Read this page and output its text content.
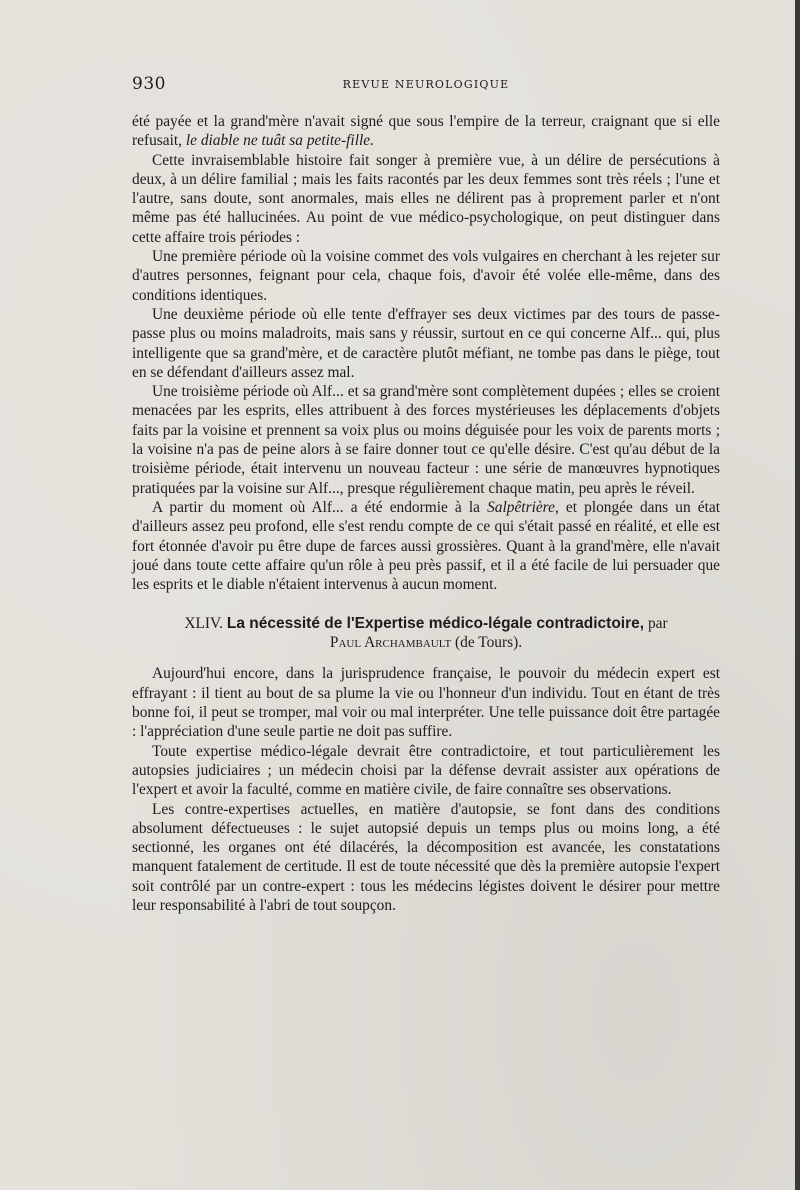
930	REVUE NEUROLOGIQUE

été payée et la grand'mère n'avait signé que sous l'empire de la terreur, craignant que si elle refusait, le diable ne tuât sa petite-fille.

Cette invraisemblable histoire fait songer à première vue, à un délire de persécutions à deux, à un délire familial ; mais les faits racontés par les deux femmes sont très réels ; l'une et l'autre, sans doute, sont anormales, mais elles ne délirent pas à proprement parler et n'ont même pas été hallucinées. Au point de vue médico-psychologique, on peut distinguer dans cette affaire trois périodes :

Une première période où la voisine commet des vols vulgaires en cherchant à les rejeter sur d'autres personnes, feignant pour cela, chaque fois, d'avoir été volée elle-même, dans des conditions identiques.

Une deuxième période où elle tente d'effrayer ses deux victimes par des tours de passe-passe plus ou moins maladroits, mais sans y réussir, surtout en ce qui concerne Alf... qui, plus intelligente que sa grand'mère, et de caractère plutôt méfiant, ne tombe pas dans le piège, tout en se défendant d'ailleurs assez mal.

Une troisième période où Alf... et sa grand'mère sont complètement dupées ; elles se croient menacées par les esprits, elles attribuent à des forces mystérieuses les déplacements d'objets faits par la voisine et prennent sa voix plus ou moins déguisée pour les voix de parents morts ; la voisine n'a pas de peine alors à se faire donner tout ce qu'elle désire. C'est qu'au début de la troisième période, était intervenu un nouveau facteur : une série de manœuvres hypnotiques pratiquées par la voisine sur Alf..., presque régulièrement chaque matin, peu après le réveil.

A partir du moment où Alf... a été endormie à la Salpêtrière, et plongée dans un état d'ailleurs assez peu profond, elle s'est rendu compte de ce qui s'était passé en réalité, et elle est fort étonnée d'avoir pu être dupe de farces aussi grossières. Quant à la grand'mère, elle n'avait joué dans toute cette affaire qu'un rôle à peu près passif, et il a été facile de lui persuader que les esprits et le diable n'étaient intervenus à aucun moment.

XLIV. La nécessité de l'Expertise médico-légale contradictoire, par
Paul Archambault (de Tours).

Aujourd'hui encore, dans la jurisprudence française, le pouvoir du médecin expert est effrayant : il tient au bout de sa plume la vie ou l'honneur d'un individu. Tout en étant de très bonne foi, il peut se tromper, mal voir ou mal interpréter. Une telle puissance doit être partagée : l'appréciation d'une seule partie ne doit pas suffire.

Toute expertise médico-légale devrait être contradictoire, et tout particulièrement les autopsies judiciaires ; un médecin choisi par la défense devrait assister aux opérations de l'expert et avoir la faculté, comme en matière civile, de faire connaître ses observations.

Les contre-expertises actuelles, en matière d'autopsie, se font dans des conditions absolument défectueuses : le sujet autopsié depuis un temps plus ou moins long, a été sectionné, les organes ont été dilacérés, la décomposition est avancée, les constatations manquent fatalement de certitude. Il est de toute nécessité que dès la première autopsie l'expert soit contrôlé par un contre-expert : tous les médecins légistes doivent le désirer pour mettre leur responsabilité à l'abri de tout soupçon.
